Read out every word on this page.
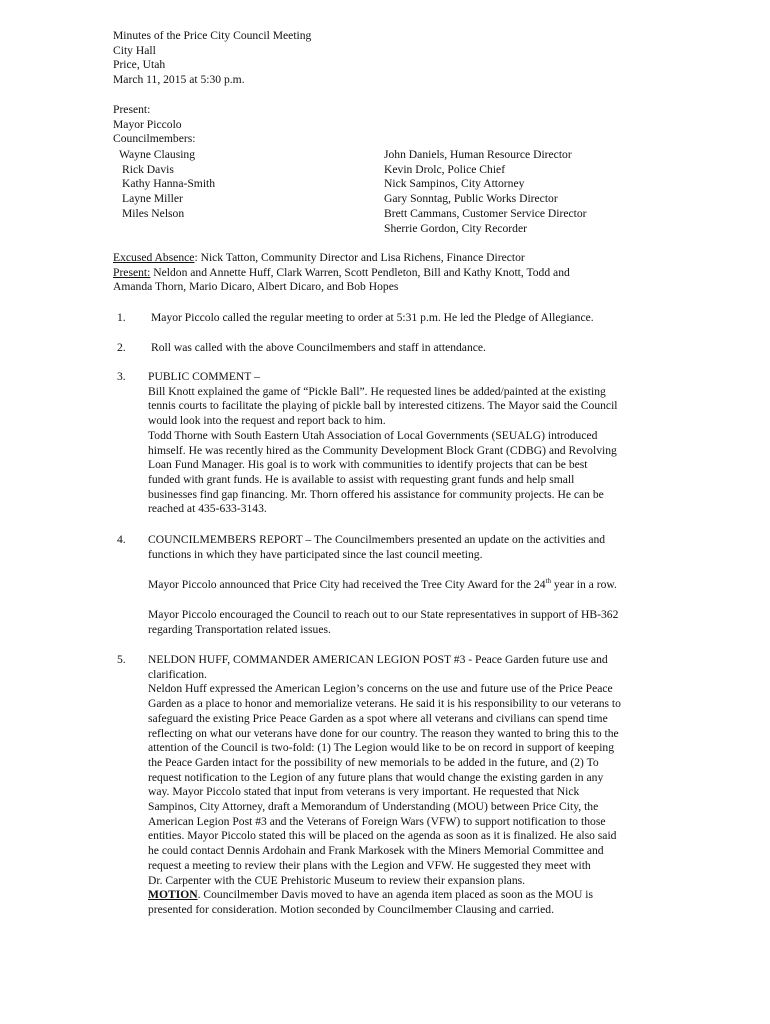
Minutes of the Price City Council Meeting
City Hall
Price, Utah
March 11, 2015 at 5:30 p.m.
Present:
Mayor Piccolo
Councilmembers:
Wayne Clausing
Rick Davis
Kathy Hanna-Smith
Layne Miller
Miles Nelson
John Daniels, Human Resource Director
Kevin Drolc, Police Chief
Nick Sampinos, City Attorney
Gary Sonntag, Public Works Director
Brett Cammans, Customer Service Director
Sherrie Gordon, City Recorder
Excused Absence: Nick Tatton, Community Director and Lisa Richens, Finance Director
Present: Neldon and Annette Huff, Clark Warren, Scott Pendleton, Bill and Kathy Knott, Todd and
Amanda Thorn, Mario Dicaro, Albert Dicaro, and Bob Hopes
1. Mayor Piccolo called the regular meeting to order at 5:31 p.m. He led the Pledge of Allegiance.
2. Roll was called with the above Councilmembers and staff in attendance.
3. PUBLIC COMMENT –
Bill Knott explained the game of “Pickle Ball”. He requested lines be added/painted at the existing
tennis courts to facilitate the playing of pickle ball by interested citizens. The Mayor said the Council
would look into the request and report back to him.
Todd Thorne with South Eastern Utah Association of Local Governments (SEUALG) introduced
himself. He was recently hired as the Community Development Block Grant (CDBG) and Revolving
Loan Fund Manager. His goal is to work with communities to identify projects that can be best
funded with grant funds. He is available to assist with requesting grant funds and help small
businesses find gap financing. Mr. Thorn offered his assistance for community projects. He can be
reached at 435-633-3143.
4. COUNCILMEMBERS REPORT – The Councilmembers presented an update on the activities and
functions in which they have participated since the last council meeting.
Mayor Piccolo announced that Price City had received the Tree City Award for the 24th year in a row.
Mayor Piccolo encouraged the Council to reach out to our State representatives in support of HB-362
regarding Transportation related issues.
5. NELDON HUFF, COMMANDER AMERICAN LEGION POST #3 - Peace Garden future use and
clarification.
Neldon Huff expressed the American Legion’s concerns on the use and future use of the Price Peace
Garden as a place to honor and memorialize veterans. He said it is his responsibility to our veterans to
safeguard the existing Price Peace Garden as a spot where all veterans and civilians can spend time
reflecting on what our veterans have done for our country. The reason they wanted to bring this to the
attention of the Council is two-fold: (1) The Legion would like to be on record in support of keeping
the Peace Garden intact for the possibility of new memorials to be added in the future, and (2) To
request notification to the Legion of any future plans that would change the existing garden in any
way. Mayor Piccolo stated that input from veterans is very important. He requested that Nick
Sampinos, City Attorney, draft a Memorandum of Understanding (MOU) between Price City, the
American Legion Post #3 and the Veterans of Foreign Wars (VFW) to support notification to those
entities. Mayor Piccolo stated this will be placed on the agenda as soon as it is finalized. He also said
he could contact Dennis Ardohain and Frank Markosek with the Miners Memorial Committee and
request a meeting to review their plans with the Legion and VFW. He suggested they meet with
Dr. Carpenter with the CUE Prehistoric Museum to review their expansion plans.
MOTION. Councilmember Davis moved to have an agenda item placed as soon as the MOU is
presented for consideration. Motion seconded by Councilmember Clausing and carried.
